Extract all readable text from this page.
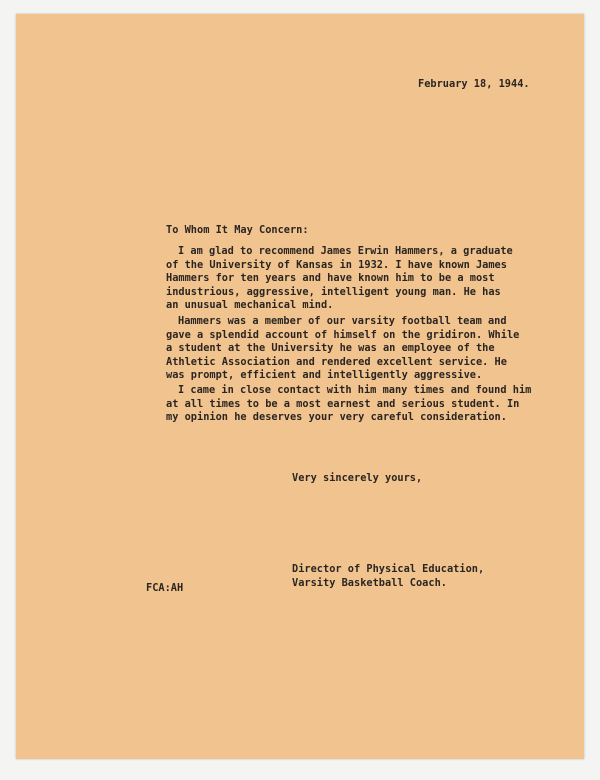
February 18, 1944.
To Whom It May Concern:
I am glad to recommend James Erwin Hammers, a graduate
of the University of Kansas in 1932. I have known James
Hammers for ten years and have known him to be a most
industrious, aggressive, intelligent young man. He has
an unusual mechanical mind.
Hammers was a member of our varsity football team and
gave a splendid account of himself on the gridiron. While
a student at the University he was an employee of the
Athletic Association and rendered excellent service. He
was prompt, efficient and intelligently aggressive.
I came in close contact with him many times and found him
at all times to be a most earnest and serious student. In
my opinion he deserves your very careful consideration.
Very sincerely yours,
FCA:AH
Director of Physical Education,
Varsity Basketball Coach.
